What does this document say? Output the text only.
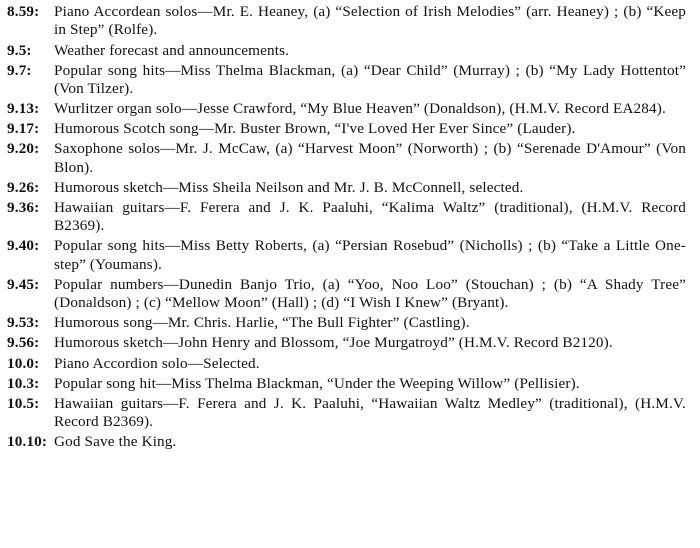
8.59: Piano Accordean solos—Mr. E. Heaney, (a) “Selection of Irish Melodies” (arr. Heaney) ; (b) “Keep in Step” (Rolfe).
9.5:	Weather forecast and announcements.
9.7:	Popular song hits—Miss Thelma Blackman, (a) “Dear Child” (Murray) ; (b) “My Lady Hottentot” (Von Tilzer).
9.13: Wurlitzer organ solo—Jesse Crawford, “My Blue Heaven” (Donaldson), (H.M.V. Record EA284).
9.17: Humorous Scotch song—Mr. Buster Brown, “I've Loved Her Ever Since” (Lauder).
9.20: Saxophone solos—Mr. J. McCaw, (a) “Harvest Moon” (Norworth) ; (b) “Serenade D'Amour” (Von Blon).
9.26: Humorous sketch—Miss Sheila Neilson and Mr. J. B. McConnell, selected.
9.36: Hawaiian guitars—F. Ferera and J. K. Paaluhi, “Kalima Waltz” (traditional), (H.M.V. Record B2369).
9.40: Popular song hits—Miss Betty Roberts, (a) “Persian Rosebud” (Nicholls) ; (b) “Take a Little One-step” (Youmans).
9.45: Popular numbers—Dunedin Banjo Trio, (a) “Yoo, Noo Loo” (Stouchan) ; (b) “A Shady Tree” (Donaldson) ; (c) “Mellow Moon” (Hall) ; (d) “I Wish I Knew” (Bryant).
9.53: Humorous song—Mr. Chris. Harlie, “The Bull Fighter” (Castling).
9.56: Humorous sketch—John Henry and Blossom, “Joe Murgatroyd” (H.M.V. Record B2120).
10.0: Piano Accordion solo—Selected.
10.3: Popular song hit—Miss Thelma Blackman, “Under the Weeping Willow” (Pellisier).
10.5: Hawaiian guitars—F. Ferera and J. K. Paaluhi, “Hawaiian Waltz Medley” (traditional), (H.M.V. Record B2369).
10.10: God Save the King.
